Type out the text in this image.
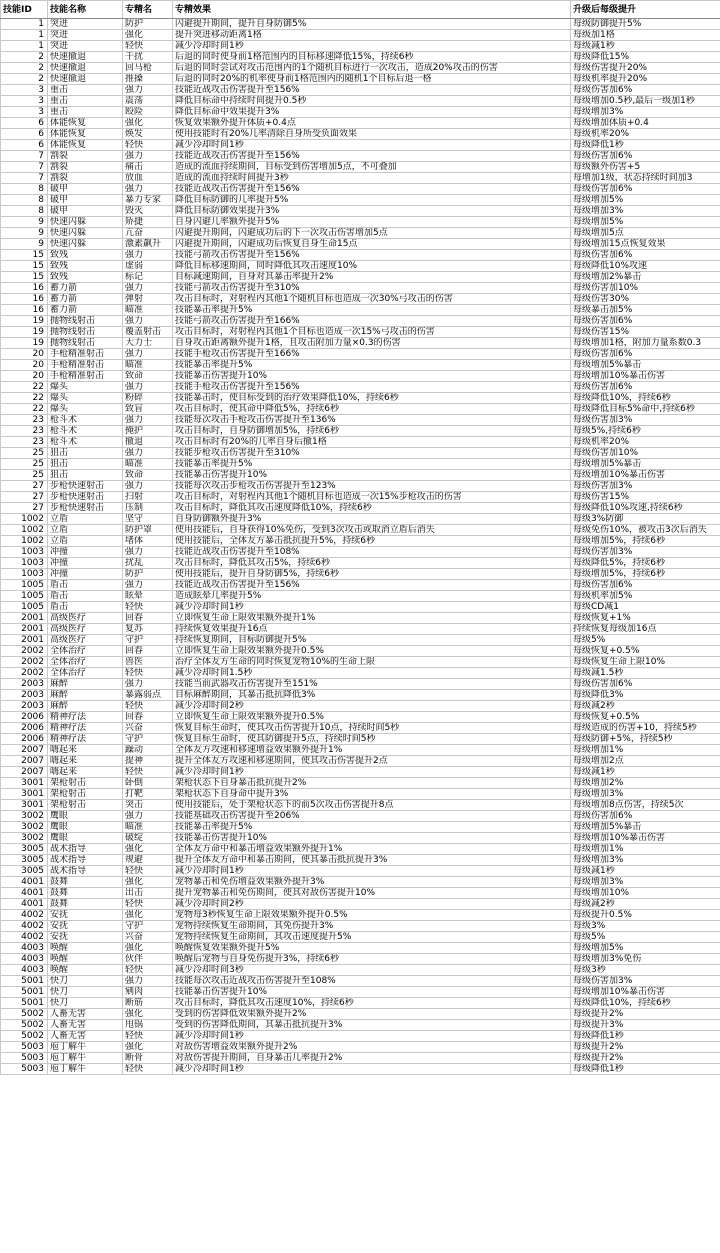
技能ID	技能名称	专精名	专精效果	升级后每级提升
1	突进	防护	闪避提升期间，提升自身防御5%	每级防御提升5%
1	突进	强化	提升突进移动距离1格	每级加1格
1	突进	轻快	减少冷却时间1秒	每级减1秒
2	快速撤退	干扰	后退的同时使身前1格范围内的目标移速降低15%，持续6秒	每级降低15%
2	快速撤退	回马枪	后退的同时尝试对攻击范围内的1个随机目标进行一次攻击，造成20%攻击的伤害	每级伤害提升20%
2	快速撤退	推搡	后退的同时20%的机率使身前1格范围内的随机1个目标后退一格	每级机率提升20%
3	重击	强力	技能近战攻击伤害提升至156%	每级伤害加6%
3	重击	震荡	降低目标命中持续时间提升0.5秒	每级增加0.5秒,最后一级加1秒
3	重击	殴险	降低目标命中效果提升3%	每级增加3%
6	体能恢复	强化	恢复效果额外提升体质+0.4点	每级增加体质+0.4
6	体能恢复	焕发	使用技能时有20%几率清除自身所受负面效果	每级机率20%
6	体能恢复	轻快	减少冷却时间1秒	每级降低1秒
7	割裂	强力	技能近战攻击伤害提升至156%	每级伤害加6%
7	割裂	痛击	造成的流血持续期间，目标受到伤害增加5点，不可叠加	每级额外伤害+5
7	割裂	放血	造成的流血持续时间提升3秒	每增加1级，状态持续时间加3
8	破甲	强力	技能近战攻击伤害提升至156%	每级伤害加6%
8	破甲	暴力专家	降低目标防御的几率提升5%	每级增加5%
8	破甲	毁灭	降低目标防御效果提升3%	每级增加3%
9	快速闪躲	矫捷	自身闪避几率额外提升5%	每级增加5%
9	快速闪躲	亢奋	闪避提升期间，闪避成功后的下一次攻击伤害增加5点	每级增加5点
9	快速闪躲	激素飙升	闪避提升期间，闪避成功后恢复自身生命15点	每级增加15点恢复效果
15	致残	强力	技能弓箭攻击伤害提升至156%	每级伤害加6%
15	致残	虚弱	降低目标移速期间，同时降低其攻击速度10%	每级降低10%攻速
15	致残	标记	目标减速期间，自身对其暴击率提升2%	每级增加2%暴击
16	蓄力箭	强力	技能弓箭攻击伤害提升至310%	每级伤害加10%
16	蓄力箭	弹射	攻击目标时，对射程内其他1个随机目标也造成一次30%弓攻击的伤害	每级伤害30%
16	蓄力箭	瞄准	技能暴击率提升5%	每级暴击加5%
19	抛物线射击	强力	技能弓箭攻击伤害提升至166%	每级伤害加6%
19	抛物线射击	覆盖射击	攻击目标时，对射程内其他1个目标也造成一次15%弓攻击的伤害	每级伤害15%
19	抛物线射击	大力士	自身攻击距离额外提升1格，且攻击附加力量×0.3的伤害	每级增加1格，附加力量系数0.3
20	手枪精准射击	强力	技能手枪攻击伤害提升至166%	每级伤害加6%
20	手枪精准射击	瞄准	技能暴击率提升5%	每级增加5%暴击
20	手枪精准射击	致命	技能暴击伤害提升10%	每级增加10%暴击伤害
22	爆头	强力	技能手枪攻击伤害提升至156%	每级伤害加6%
22	爆头	粉碎	技能暴击时，使目标受到的治疗效果降低10%，持续6秒	每级降低10%，持续6秒
22	爆头	致盲	攻击目标时，使其命中降低5%，持续6秒	每级降低目标5%命中,持续6秒
23	枪斗术	强力	技能每次攻击手枪攻击伤害提升至136%	每级伤害加3%
23	枪斗术	掩护	攻击目标时，自身防御增加5%，持续6秒	每级5%,持续6秒
23	枪斗术	撤退	攻击目标时有20%的几率自身后撤1格	每级机率20%
25	狙击	强力	技能步枪攻击伤害提升至310%	每级伤害加10%
25	狙击	瞄准	技能暴击率提升5%	每级增加5%暴击
25	狙击	致命	技能暴击伤害提升10%	每级增加10%暴击伤害
27	步枪快速射击	强力	技能每次攻击步枪攻击伤害提升至123%	每级伤害加3%
27	步枪快速射击	扫射	攻击目标时，对射程内其他1个随机目标也造成一次15%步枪攻击的伤害	每级伤害15%
27	步枪快速射击	压制	攻击目标时，降低其攻击速度降低10%，持续6秒	每级降低10%攻速,持续6秒
1002	立盾	坚守	自身防御额外提升3%	每级3%防御
1002	立盾	防护罩	使用技能后，自身获得10%免伤，受到3次攻击或取消立盾后消失	每级免伤10%，被攻击3次后消失
1002	立盾	堵体	使用技能后，全体友方暴击抵抗提升5%，持续6秒	每级增加5%，持续6秒
1003	冲撞	强力	技能近战攻击伤害提升至108%	每级伤害加3%
1003	冲撞	扰乱	攻击目标时，降低其攻击5%，持续6秒	每级降低5%，持续6秒
1003	冲撞	防护	使用技能后，提升自身防御5%，持续6秒	每级增加5%，持续6秒
1005	盾击	强力	技能近战攻击伤害提升至156%	每级伤害加6%
1005	盾击	眩晕	造成眩晕几率提升5%	每级机率加5%
1005	盾击	轻快	减少冷却时间1秒	每级CD减1
2001	高级医疗	回春	立即恢复生命上限效果额外提升1%	每级恢复+1%
2001	高级医疗	复苏	持续恢复效果提升16点	持续恢复每级加16点
2001	高级医疗	守护	持续恢复期间，目标防御提升5%	每级5%
2002	全体治疗	回春	立即恢复生命上限效果额外提升0.5%	每级恢复+0.5%
2002	全体治疗	兽医	治疗全体友方生命的同时恢复宠物10%的生命上限	每级恢复生命上限10%
2002	全体治疗	轻快	减少冷却时间1.5秒	每级减1.5秒
2003	麻醉	强力	技能当前武器攻击伤害提升至151%	每级伤害加6%
2003	麻醉	暴露弱点	目标麻醉期间，其暴击抵抗降低3%	每级降低3%
2003	麻醉	轻快	减少冷却时间2秒	每级减2秒
2006	精神疗法	回春	立即恢复生命上限效果额外提升0.5%	每级恢复+0.5%
2006	精神疗法	兴奋	恢复目标生命时，使其攻击伤害提升10点，持续时间5秒	每级造成的伤害+10，持续5秒
2006	精神疗法	守护	恢复目标生命时，使其防御提升5点，持续时间5秒	每级防御+5%，持续5秒
2007	嗨起来	躁动	全体友方攻速和移速增益效果额外提升1%	每级增加1%
2007	嗨起来	提神	提升全体友方攻速和移速期间，使其攻击伤害提升2点	每级增加2点
2007	嗨起来	轻快	减少冷却时间1秒	每级减1秒
3001	架枪射击	卧倒	架枪状态下自身暴击抵抗提升2%	每级增加2%
3001	架枪射击	打靶	架枪状态下自身命中提升3%	每级增加3%
3001	架枪射击	突击	使用技能后，处于架枪状态下的前5次攻击伤害提升8点	每级增加8点伤害，持续5次
3002	鹰眼	强力	技能基础攻击伤害提升至206%	每级伤害加6%
3002	鹰眼	瞄准	技能暴击率提升5%	每级增加5%暴击
3002	鹰眼	破绽	技能暴击伤害提升10%	每级增加10%暴击伤害
3005	战术指导	强化	全体友方命中和暴击增益效果额外提升1%	每级增加1%
3005	战术指导	规避	提升全体友方命中和暴击期间，使其暴击抵抗提升3%	每级增加3%
3005	战术指导	轻快	减少冷却时间1秒	每级减1秒
4001	鼓舞	强化	宠物暴击和免伤增益效果额外提升3%	每级增加3%
4001	鼓舞	出击	提升宠物暴击和免伤期间，使其对敌伤害提升10%	每级增加10%
4001	鼓舞	轻快	减少冷却时间2秒	每级减2秒
4002	安抚	强化	宠物每3秒恢复生命上限效果额外提升0.5%	每级提升0.5%
4002	安抚	守护	宠物持续恢复生命期间，其免伤提升3%	每级3%
4002	安抚	兴奋	宠物持续恢复生命期间，其攻击速度提升5%	每级5%
4003	唤醒	强化	唤醒恢复效果额外提升5%	每级增加5%
4003	唤醒	伙伴	唤醒后宠物与自身免伤提升3%，持续6秒	每级增加3%免伤
4003	唤醒	轻快	减少冷却时间3秒	每级3秒
5001	快刀	强力	技能每次攻击近战攻击伤害提升至108%	每级伤害加3%
5001	快刀	剜肉	技能暴击伤害提升10%	每级增加10%暴击伤害
5001	快刀	断筋	攻击目标时，降低其攻击速度10%，持续6秒	每级降低10%，持续6秒
5002	人畜无害	强化	受到的伤害降低效果额外提升2%	每级提升2%
5002	人畜无害	甩锅	受到的伤害降低期间，其暴击抵抗提升3%	每级提升3%
5002	人畜无害	轻快	减少冷却时间1秒	每级降低1秒
5003	庖丁解牛	强化	对敌伤害增益效果额外提升2%	每级提升2%
5003	庖丁解牛	断骨	对敌伤害提升期间，自身暴击几率提升2%	每级提升2%
5003	庖丁解牛	轻快	减少冷却时间1秒	每级降低1秒
